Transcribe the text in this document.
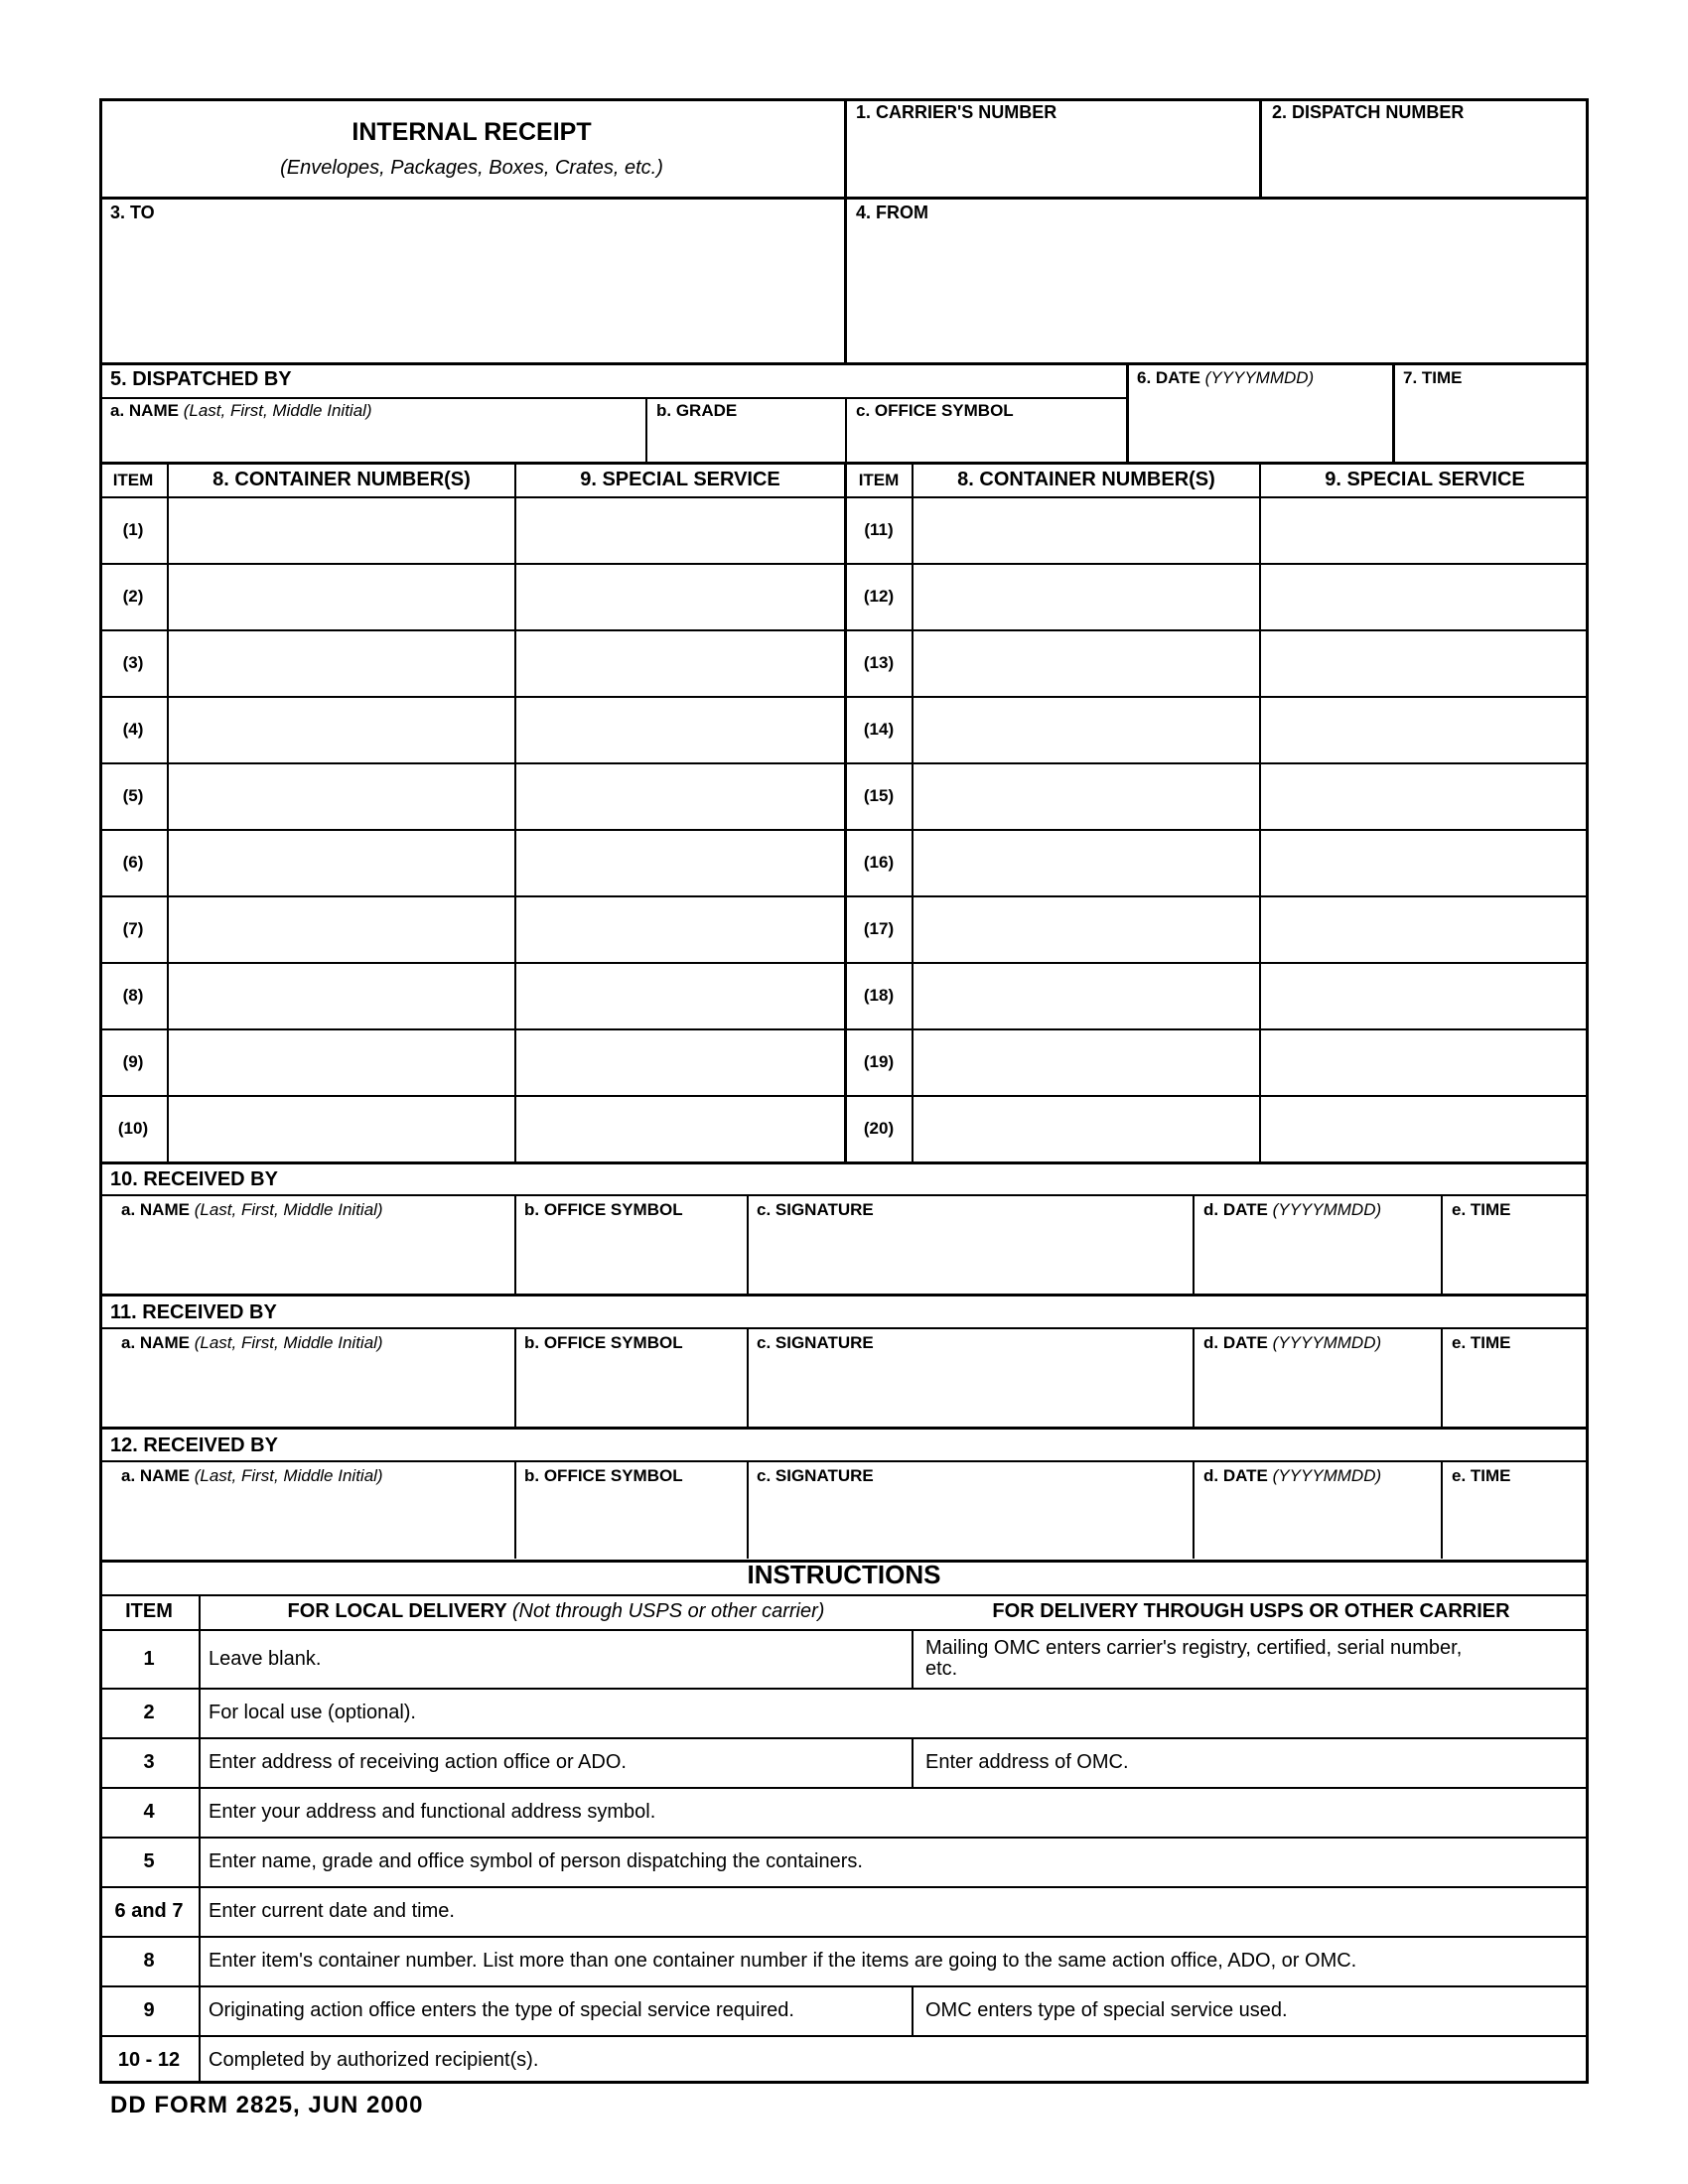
INTERNAL RECEIPT
(Envelopes, Packages, Boxes, Crates, etc.)
1. CARRIER'S NUMBER	2. DISPATCH NUMBER
3. TO	4. FROM
5. DISPATCHED BY
a. NAME (Last, First, Middle Initial)	b. GRADE	c. OFFICE SYMBOL
6. DATE (YYYYMMDD)	7. TIME
ITEM	8. CONTAINER NUMBER(S)	9. SPECIAL SERVICE	ITEM	8. CONTAINER NUMBER(S)	9. SPECIAL SERVICE
(1)	(11)
(2)	(12)
(3)	(13)
(4)	(14)
(5)	(15)
(6)	(16)
(7)	(17)
(8)	(18)
(9)	(19)
(10)	(20)
10. RECEIVED BY
a. NAME (Last, First, Middle Initial)	b. OFFICE SYMBOL	c. SIGNATURE	d. DATE (YYYYMMDD)	e. TIME
11. RECEIVED BY
a. NAME (Last, First, Middle Initial)	b. OFFICE SYMBOL	c. SIGNATURE	d. DATE (YYYYMMDD)	e. TIME
12. RECEIVED BY
a. NAME (Last, First, Middle Initial)	b. OFFICE SYMBOL	c. SIGNATURE	d. DATE (YYYYMMDD)	e. TIME
INSTRUCTIONS
ITEM	FOR LOCAL DELIVERY (Not through USPS or other carrier)	FOR DELIVERY THROUGH USPS OR OTHER CARRIER
1	Leave blank.	Mailing OMC enters carrier's registry, certified, serial number,
etc.
2	For local use (optional).
3	Enter address of receiving action office or ADO.	Enter address of OMC.
4	Enter your address and functional address symbol.
5	Enter name, grade and office symbol of person dispatching the containers.
6 and 7	Enter current date and time.
8	Enter item's container number. List more than one container number if the items are going to the same action office, ADO, or OMC.
9	Originating action office enters the type of special service required.	OMC enters type of special service used.
10 - 12	Completed by authorized recipient(s).
DD FORM 2825, JUN 2000
